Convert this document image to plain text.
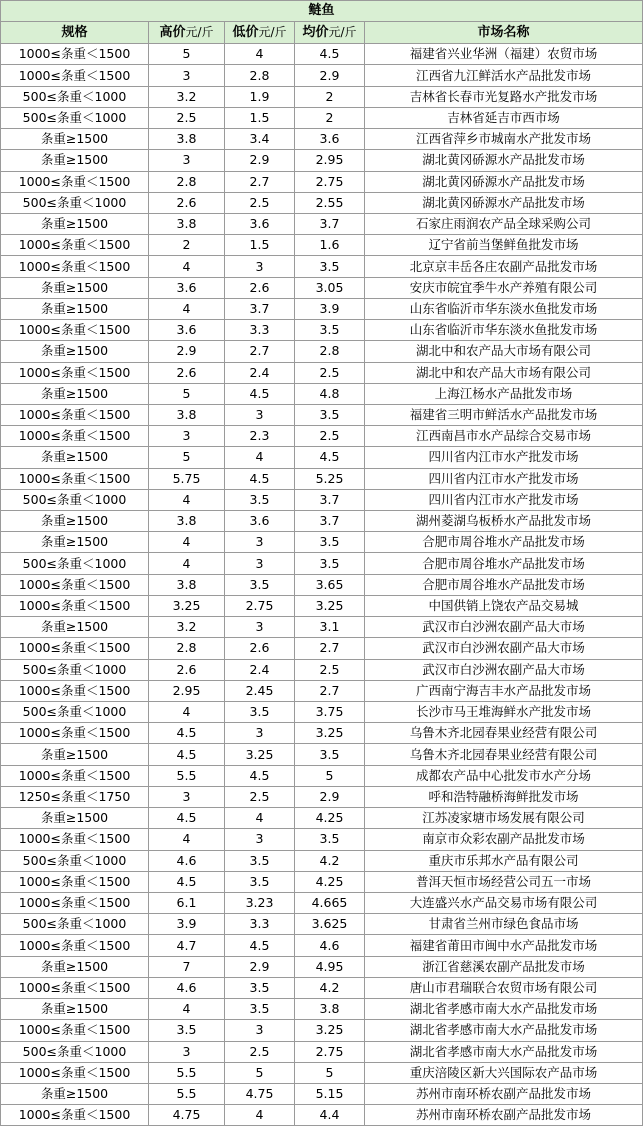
鲢鱼				
规格	高价元/斤	低价元/斤	均价元/斤	市场名称
1000≤条重＜1500	5	4	4.5	福建省兴业华洲（福建）农贸市场
1000≤条重＜1500	3	2.8	2.9	江西省九江鲜活水产品批发市场
500≤条重＜1000	3.2	1.9	2	吉林省长春市光复路水产批发市场
500≤条重＜1000	2.5	1.5	2	吉林省延吉市西市场
条重≥1500	3.8	3.4	3.6	江西省萍乡市城南水产批发市场
条重≥1500	3	2.9	2.95	湖北黄冈硚源水产品批发市场
1000≤条重＜1500	2.8	2.7	2.75	湖北黄冈硚源水产品批发市场
500≤条重＜1000	2.6	2.5	2.55	湖北黄冈硚源水产品批发市场
条重≥1500	3.8	3.6	3.7	石家庄雨润农产品全球采购公司
1000≤条重＜1500	2	1.5	1.6	辽宁省前当堡鲜鱼批发市场
1000≤条重＜1500	4	3	3.5	北京京丰岳各庄农副产品批发市场
条重≥1500	3.6	2.6	3.05	安庆市皖宜季牛水产养殖有限公司
条重≥1500	4	3.7	3.9	山东省临沂市华东淡水鱼批发市场
1000≤条重＜1500	3.6	3.3	3.5	山东省临沂市华东淡水鱼批发市场
条重≥1500	2.9	2.7	2.8	湖北中和农产品大市场有限公司
1000≤条重＜1500	2.6	2.4	2.5	湖北中和农产品大市场有限公司
条重≥1500	5	4.5	4.8	上海江杨水产品批发市场
1000≤条重＜1500	3.8	3	3.5	福建省三明市鲜活水产品批发市场
1000≤条重＜1500	3	2.3	2.5	江西南昌市水产品综合交易市场
条重≥1500	5	4	4.5	四川省内江市水产批发市场
1000≤条重＜1500	5.75	4.5	5.25	四川省内江市水产批发市场
500≤条重＜1000	4	3.5	3.7	四川省内江市水产批发市场
条重≥1500	3.8	3.6	3.7	湖州菱湖乌板桥水产品批发市场
条重≥1500	4	3	3.5	合肥市周谷堆水产品批发市场
500≤条重＜1000	4	3	3.5	合肥市周谷堆水产品批发市场
1000≤条重＜1500	3.8	3.5	3.65	合肥市周谷堆水产品批发市场
1000≤条重＜1500	3.25	2.75	3.25	中国供销上饶农产品交易城
条重≥1500	3.2	3	3.1	武汉市白沙洲农副产品大市场
1000≤条重＜1500	2.8	2.6	2.7	武汉市白沙洲农副产品大市场
500≤条重＜1000	2.6	2.4	2.5	武汉市白沙洲农副产品大市场
1000≤条重＜1500	2.95	2.45	2.7	广西南宁海吉丰水产品批发市场
500≤条重＜1000	4	3.5	3.75	长沙市马王堆海鲜水产批发市场
1000≤条重＜1500	4.5	3	3.25	乌鲁木齐北园春果业经营有限公司
条重≥1500	4.5	3.25	3.5	乌鲁木齐北园春果业经营有限公司
1000≤条重＜1500	5.5	4.5	5	成都农产品中心批发市水产分场
1250≤条重＜1750	3	2.5	2.9	呼和浩特融桥海鲜批发市场
条重≥1500	4.5	4	4.25	江苏凌家塘市场发展有限公司
1000≤条重＜1500	4	3	3.5	南京市众彩农副产品批发市场
500≤条重＜1000	4.6	3.5	4.2	重庆市乐邦水产品有限公司
1000≤条重＜1500	4.5	3.5	4.25	普洱天恒市场经营公司五一市场
1000≤条重＜1500	6.1	3.23	4.665	大连盛兴水产品交易市场有限公司
500≤条重＜1000	3.9	3.3	3.625	甘肃省兰州市绿色食品市场
1000≤条重＜1500	4.7	4.5	4.6	福建省莆田市闽中水产品批发市场
条重≥1500	7	2.9	4.95	浙江省慈溪农副产品批发市场
1000≤条重＜1500	4.6	3.5	4.2	唐山市君瑞联合农贸市场有限公司
条重≥1500	4	3.5	3.8	湖北省孝感市南大水产品批发市场
1000≤条重＜1500	3.5	3	3.25	湖北省孝感市南大水产品批发市场
500≤条重＜1000	3	2.5	2.75	湖北省孝感市南大水产品批发市场
1000≤条重＜1500	5.5	5	5	重庆涪陵区新大兴国际农产品市场
条重≥1500	5.5	4.75	5.15	苏州市南环桥农副产品批发市场
1000≤条重＜1500	4.75	4	4.4	苏州市南环桥农副产品批发市场
